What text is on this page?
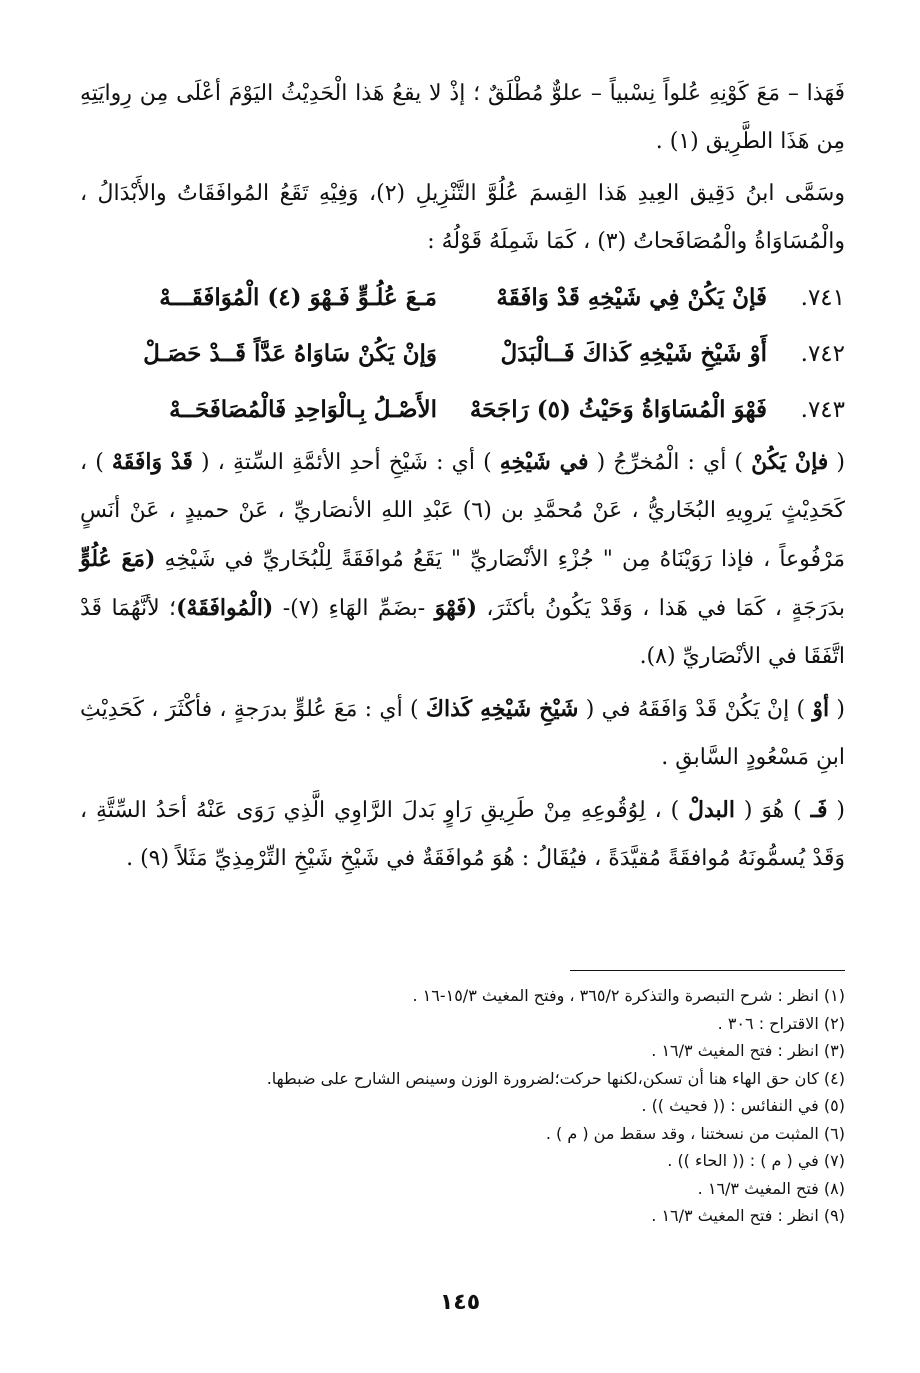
فَهَذا – مَعَ كَوْنِهِ عُلواً نِسْبياً – علوٌّ مُطْلَقٌ ؛ إذْ لا يقعُ هَذا الْحَدِيْثُ اليَوْمَ أعْلَى مِن رِوايَتِهِ مِن هَذَا الطَّرِيق (١) .

وسَمَّى ابنُ دَقِيق العِيدِ هَذا القِسمَ عُلُوَّ التَّنْزِيلِ (٢)، وَفِيْهِ تَقَعُ المُوافَقَاتُ والأَبْدَالُ ، والْمُسَاوَاةُ والْمُصَافَحاتُ (٣) ، كَمَا شَمِلَهُ قَوْلُهُ :

٧٤١.
فَإنْ يَكُنْ فِي شَيْخِهِ قَدْ وَافَقَهْ
مَـعَ عُلُـوٍّ فَـهْوَ (٤) الْمُوَافَقَـــهْ
٧٤٢.
أَوْ شَيْخِ شَيْخِهِ كَذاكَ فَــالْبَدَلْ
وَإنْ يَكُنْ سَاوَاهُ عَدَّاً قَــدْ حَصَـلْ
٧٤٣.
فَهْوَ الْمُسَاوَاةُ وَحَيْثُ (٥) رَاجَحَهْ
الأَصْـلُ بِـالْوَاحِدِ فَالْمُصَافَحَــهْ

( فإنْ يَكُنْ ) أي : الْمُخرِّجُ ( في شَيْخِهِ ) أي : شَيْخِ أحدِ الأئمَّةِ السِّتةِ ، ( قَدْ وَافَقَهْ ) ، كَحَدِيْثٍ يَروِيهِ البُخَاريُّ ، عَنْ مُحمَّدِ بن (٦) عَبْدِ اللهِ الأنصَاريِّ ، عَنْ حميدٍ ، عَنْ أنَسٍ مَرْفُوعاً ، فإذا رَوَيْنَاهُ مِن " جُزْءِ الأنْصَاريِّ " يَقَعُ مُوافَقَةً لِلْبُخَاريِّ في شَيْخِهِ (مَعَ عُلُوٍّ بدَرَجَةٍ ، كَمَا في هَذا ، وَقَدْ يَكُونُ بأكثَرَ، (فَهْوَ -بضَمِّ الهَاءِ (٧)- (الْمُوافَقَهْ)؛ لأنَّهُمَا قَدْ اتَّفَقَا في الأنْصَاريِّ (٨).

( أوْ ) إنْ يَكُنْ قَدْ وَافَقَهُ في ( شَيْخِ شَيْخِهِ كَذاكَ ) أي : مَعَ عُلوٍّ بدرَجةٍ ، فأكْثَرَ ، كَحَدِيْثِ ابنِ مَسْعُودٍ السَّابقِ .

( فَـ ) هُوَ ( البدلْ ) ، لِوُقُوعِهِ مِنْ طَرِيقِ رَاوٍ بَدلَ الرَّاوِي الَّذِي رَوَى عَنْهُ أحَدُ السِّتَّةِ ، وَقَدْ يُسمُّونَهُ مُوافقَةً مُقيَّدَةً ، فيُقَالُ : هُوَ مُوافَقَةٌ في شَيْخِ شَيْخِ التِّرْمِذِيِّ مَثَلاً (٩) .

(١) انظر : شرح التبصرة والتذكرة ٣٦٥/٢ ، وفتح المغيث ١٥/٣-١٦ .
(٢) الاقتراح : ٣٠٦ .
(٣) انظر : فتح المغيث ١٦/٣ .
(٤) كان حق الهاء هنا أن تسكن،لكنها حركت؛لضرورة الوزن وسينص الشارح على ضبطها.
(٥) في النفائس : (( فحيث )) .
(٦) المثبت من نسختنا ، وقد سقط من ( م ) .
(٧) في ( م ) : (( الحاء )) .
(٨) فتح المغيث ١٦/٣ .
(٩) انظر : فتح المغيث ١٦/٣ .
١٤٥
